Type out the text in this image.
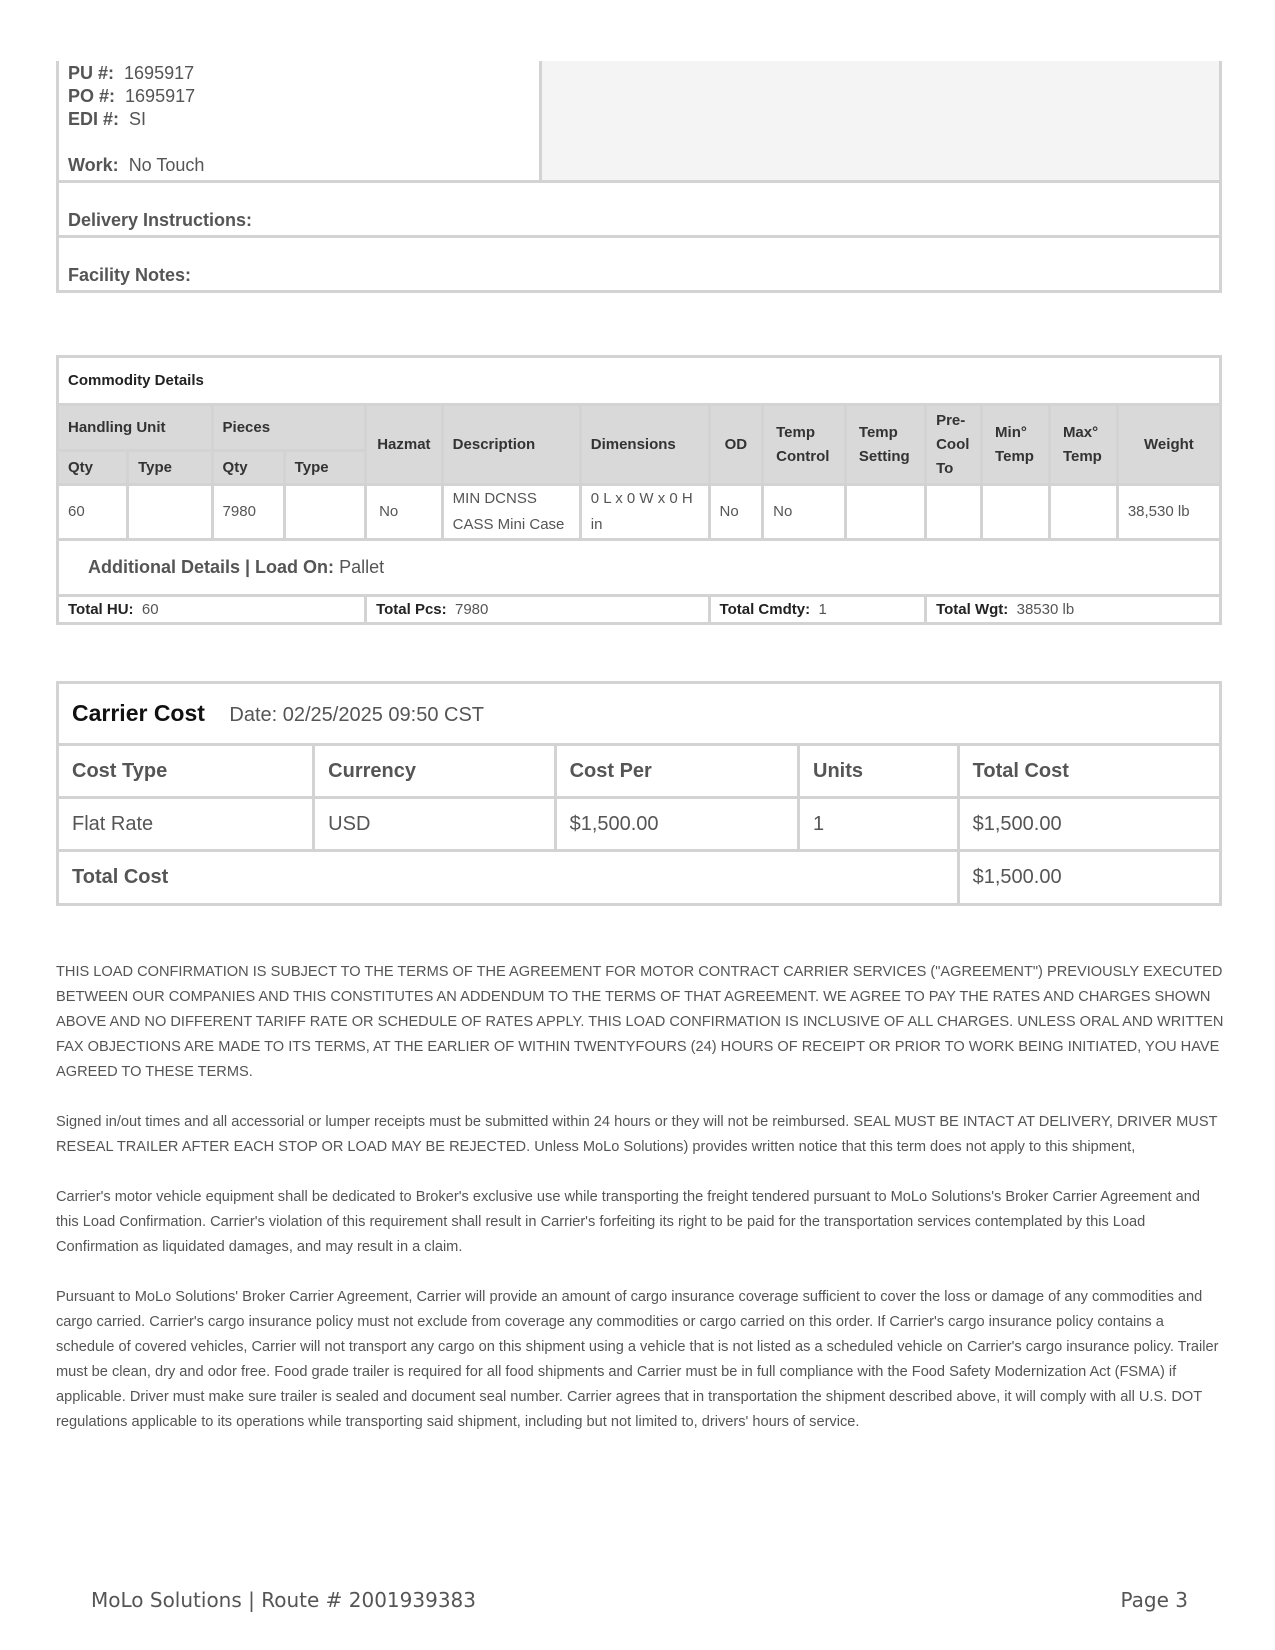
PU #: 1695917
PO #: 1695917
EDI #: SI
Work: No Touch
Delivery Instructions:
Facility Notes:
Commodity Details													
Handling Unit		Pieces		Hazmat	Description	Dimensions	OD	Temp Control	Temp Setting	Pre-Cool To	Min° Temp	Max° Temp	Weight
Qty	Type	Qty	Type										
60		7980		No	MIN DCNSS CASS Mini Case	0 L x 0 W x 0 H in	No	No					38,530 lb
Additional Details | Load On: Pallet													
Total HU: 60				Total Pcs: 7980			Total Cmdty: 1			Total Wgt: 38530 lb			
Carrier Cost Date: 02/25/2025 09:50 CST				
Cost Type	Currency	Cost Per	Units	Total Cost
Flat Rate	USD	$1,500.00	1	$1,500.00
Total Cost				$1,500.00

THIS LOAD CONFIRMATION IS SUBJECT TO THE TERMS OF THE AGREEMENT FOR MOTOR CONTRACT CARRIER SERVICES ("AGREEMENT") PREVIOUSLY EXECUTED BETWEEN OUR COMPANIES AND THIS CONSTITUTES AN ADDENDUM TO THE TERMS OF THAT AGREEMENT. WE AGREE TO PAY THE RATES AND CHARGES SHOWN ABOVE AND NO DIFFERENT TARIFF RATE OR SCHEDULE OF RATES APPLY. THIS LOAD CONFIRMATION IS INCLUSIVE OF ALL CHARGES. UNLESS ORAL AND WRITTEN FAX OBJECTIONS ARE MADE TO ITS TERMS, AT THE EARLIER OF WITHIN TWENTYFOURS (24) HOURS OF RECEIPT OR PRIOR TO WORK BEING INITIATED, YOU HAVE AGREED TO THESE TERMS.

Signed in/out times and all accessorial or lumper receipts must be submitted within 24 hours or they will not be reimbursed. SEAL MUST BE INTACT AT DELIVERY, DRIVER MUST RESEAL TRAILER AFTER EACH STOP OR LOAD MAY BE REJECTED. Unless MoLo Solutions) provides written notice that this term does not apply to this shipment,

Carrier's motor vehicle equipment shall be dedicated to Broker's exclusive use while transporting the freight tendered pursuant to MoLo Solutions's Broker Carrier Agreement and this Load Confirmation. Carrier's violation of this requirement shall result in Carrier's forfeiting its right to be paid for the transportation services contemplated by this Load Confirmation as liquidated damages, and may result in a claim.

Pursuant to MoLo Solutions' Broker Carrier Agreement, Carrier will provide an amount of cargo insurance coverage sufficient to cover the loss or damage of any commodities and cargo carried. Carrier's cargo insurance policy must not exclude from coverage any commodities or cargo carried on this order. If Carrier's cargo insurance policy contains a schedule of covered vehicles, Carrier will not transport any cargo on this shipment using a vehicle that is not listed as a scheduled vehicle on Carrier's cargo insurance policy. Trailer must be clean, dry and odor free. Food grade trailer is required for all food shipments and Carrier must be in full compliance with the Food Safety Modernization Act (FSMA) if applicable. Driver must make sure trailer is sealed and document seal number. Carrier agrees that in transportation the shipment described above, it will comply with all U.S. DOT regulations applicable to its operations while transporting said shipment, including but not limited to, drivers' hours of service.

MoLo Solutions | Route # 2001939383	Page 3
